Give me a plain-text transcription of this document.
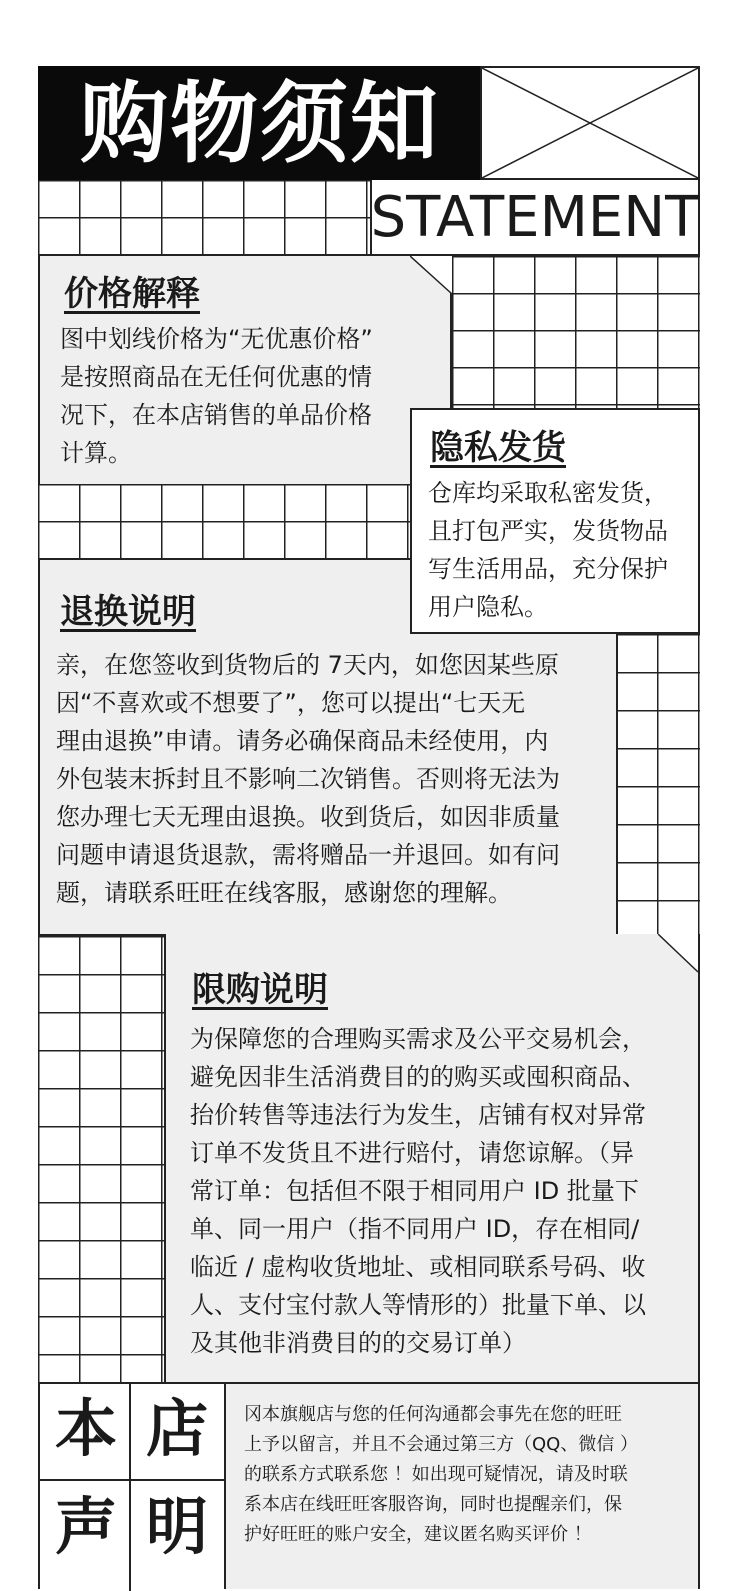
购物须知
STATEMENT
价格解释
图中划线价格为“无优惠价格”
是按照商品在无任何优惠的情
况下，在本店销售的单品价格
计算。	隐私发货
仓库均采取私密发货，
且打包严实，发货物品
写生活用品，充分保护
用户隐私。
退换说明
亲，在您签收到货物后的 7天内，如您因某些原
因“不喜欢或不想要了”，您可以提出“七天无
理由退换”申请。请务必确保商品未经使用，内
外包装末拆封且不影响二次销售。否则将无法为
您办理七天无理由退换。收到货后，如因非质量
问题申请退货退款，需将赠品一并退回。如有问
题，请联系旺旺在线客服，感谢您的理解。
限购说明
为保障您的合理购买需求及公平交易机会，
避免因非生活消费目的的购买或囤积商品、
抬价转售等违法行为发生，店铺有权对异常
订单不发货且不进行赔付，请您谅解。（异
常订单：包括但不限于相同用户 ID 批量下
单、同一用户（指不同用户 ID，存在相同/
临近 / 虚构收货地址、或相同联系号码、收
人、支付宝付款人等情形的）批量下单、以
及其他非消费目的的交易订单）
本 店
声 明
冈本旗舰店与您的任何沟通都会事先在您的旺旺
上予以留言，并且不会通过第三方（QQ、微信 ）
的联系方式联系您 ！如出现可疑情况，请及时联
系本店在线旺旺客服咨询，同时也提醒亲们，保
护好旺旺的账户安全，建议匿名购买评价 ！
